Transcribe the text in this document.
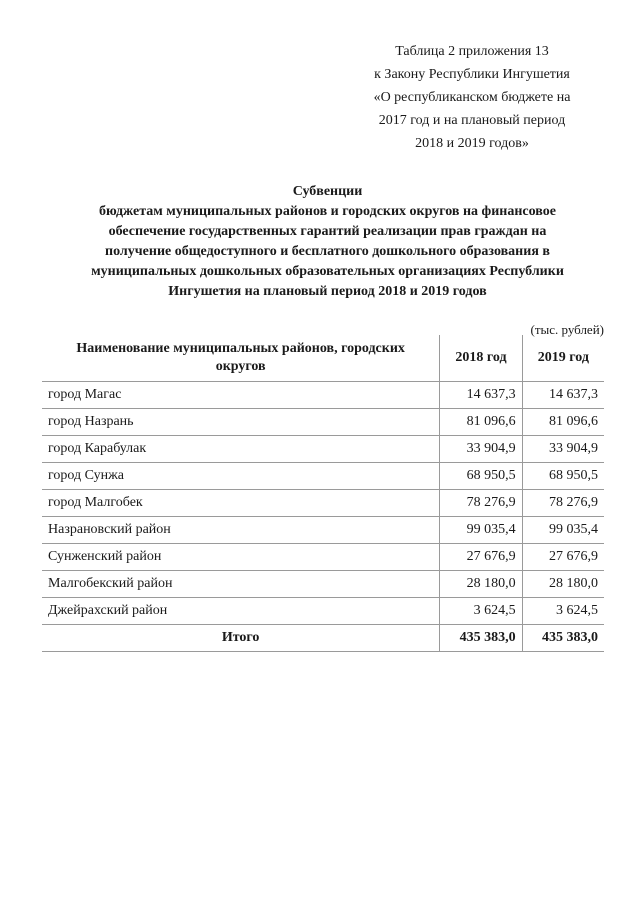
Таблица 2 приложения 13
к Закону Республики Ингушетия
«О республиканском бюджете на
2017 год и на плановый период
2018 и 2019 годов»
Субвенции
бюджетам муниципальных районов и городских округов на финансовое
обеспечение государственных гарантий реализации прав граждан на
получение общедоступного и бесплатного дошкольного образования в
муниципальных дошкольных образовательных организациях Республики
Ингушетия на плановый период 2018 и 2019 годов
(тыс. рублей)
Наименование муниципальных районов, городских
округов	2018 год	2019 год
город Магас	14 637,3	14 637,3
город Назрань	81 096,6	81 096,6
город Карабулак	33 904,9	33 904,9
город Сунжа	68 950,5	68 950,5
город Малгобек	78 276,9	78 276,9
Назрановский район	99 035,4	99 035,4
Сунженский район	27 676,9	27 676,9
Малгобекский район	28 180,0	28 180,0
Джейрахский район	3 624,5	3 624,5
Итого	435 383,0	435 383,0
